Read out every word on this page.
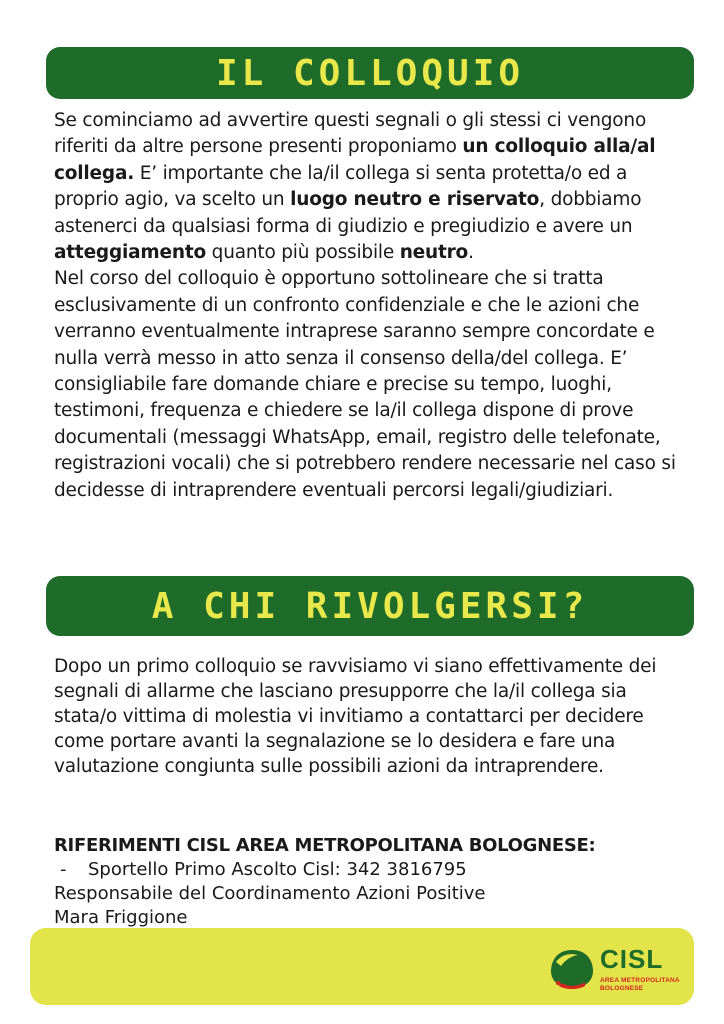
IL COLLOQUIO

Se cominciamo ad avvertire questi segnali o gli stessi ci vengono riferiti da altre persone presenti proponiamo un colloquio alla/al collega. E’ importante che la/il collega si senta protetta/o ed a proprio agio, va scelto un luogo neutro e riservato, dobbiamo astenerci da qualsiasi forma di giudizio e pregiudizio e avere un atteggiamento quanto più possibile neutro.

Nel corso del colloquio è opportuno sottolineare che si tratta esclusivamente di un confronto confidenziale e che le azioni che verranno eventualmente intraprese saranno sempre concordate e nulla verrà messo in atto senza il consenso della/del collega. E’ consigliabile fare domande chiare e precise su tempo, luoghi, testimoni, frequenza e chiedere se la/il collega dispone di prove documentali (messaggi WhatsApp, email, registro delle telefonate, registrazioni vocali) che si potrebbero rendere necessarie nel caso si decidesse di intraprendere eventuali percorsi legali/giudiziari.

A CHI RIVOLGERSI?

Dopo un primo colloquio se ravvisiamo vi siano effettivamente dei segnali di allarme che lasciano presupporre che la/il collega sia stata/o vittima di molestia vi invitiamo a contattarci per decidere come portare avanti la segnalazione se lo desidera e fare una valutazione congiunta sulle possibili azioni da intraprendere.

RIFERIMENTI CISL AREA METROPOLITANA BOLOGNESE:
- Sportello Primo Ascolto Cisl: 342 3816795
Responsabile del Coordinamento Azioni Positive
Mara Friggione
CISL
AREA METROPOLITANA
BOLOGNESE
